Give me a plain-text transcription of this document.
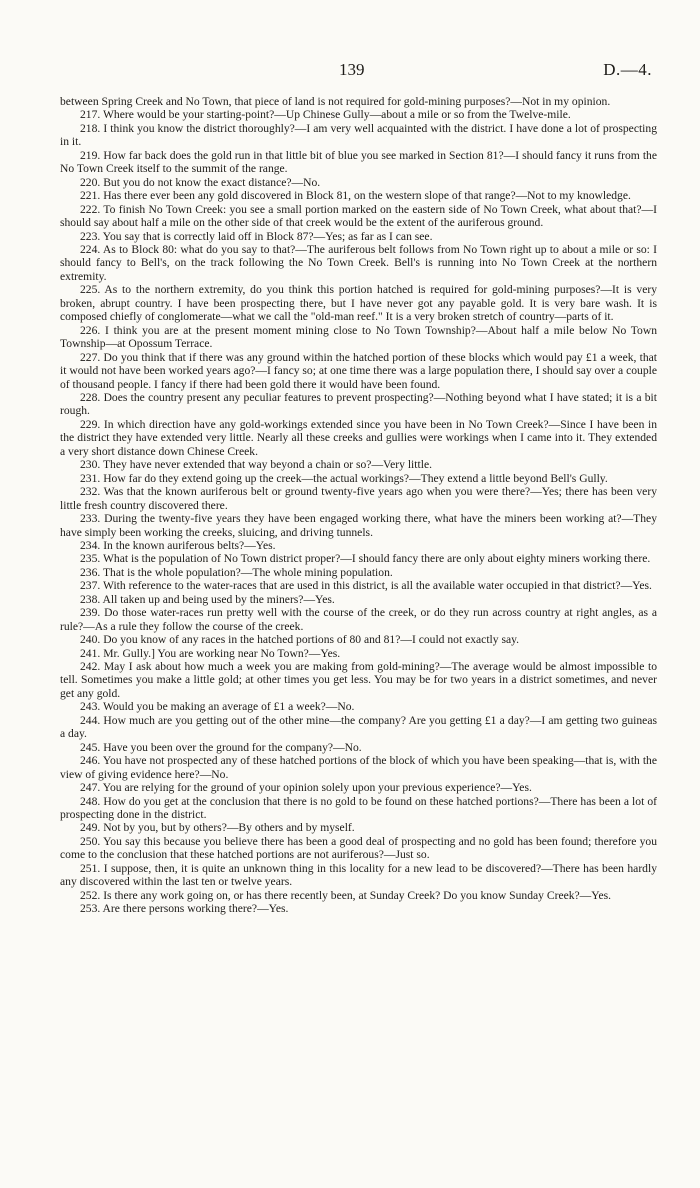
139	D.—4.

between Spring Creek and No Town, that piece of land is not required for gold-mining purposes?—Not in my opinion.

217. Where would be your starting-point?—Up Chinese Gully—about a mile or so from the Twelve-mile.

218. I think you know the district thoroughly?—I am very well acquainted with the district. I have done a lot of prospecting in it.

219. How far back does the gold run in that little bit of blue you see marked in Section 81?—I should fancy it runs from the No Town Creek itself to the summit of the range.

220. But you do not know the exact distance?—No.

221. Has there ever been any gold discovered in Block 81, on the western slope of that range?—Not to my knowledge.

222. To finish No Town Creek: you see a small portion marked on the eastern side of No Town Creek, what about that?—I should say about half a mile on the other side of that creek would be the extent of the auriferous ground.

223. You say that is correctly laid off in Block 87?—Yes; as far as I can see.

224. As to Block 80: what do you say to that?—The auriferous belt follows from No Town right up to about a mile or so: I should fancy to Bell's, on the track following the No Town Creek. Bell's is running into No Town Creek at the northern extremity.

225. As to the northern extremity, do you think this portion hatched is required for gold-mining purposes?—It is very broken, abrupt country. I have been prospecting there, but I have never got any payable gold. It is very bare wash. It is composed chiefly of conglomerate—what we call the "old-man reef." It is a very broken stretch of country—parts of it.

226. I think you are at the present moment mining close to No Town Township?—About half a mile below No Town Township—at Opossum Terrace.

227. Do you think that if there was any ground within the hatched portion of these blocks which would pay £1 a week, that it would not have been worked years ago?—I fancy so; at one time there was a large population there, I should say over a couple of thousand people. I fancy if there had been gold there it would have been found.

228. Does the country present any peculiar features to prevent prospecting?—Nothing beyond what I have stated; it is a bit rough.

229. In which direction have any gold-workings extended since you have been in No Town Creek?—Since I have been in the district they have extended very little. Nearly all these creeks and gullies were workings when I came into it. They extended a very short distance down Chinese Creek.

230. They have never extended that way beyond a chain or so?—Very little.

231. How far do they extend going up the creek—the actual workings?—They extend a little beyond Bell's Gully.

232. Was that the known auriferous belt or ground twenty-five years ago when you were there?—Yes; there has been very little fresh country discovered there.

233. During the twenty-five years they have been engaged working there, what have the miners been working at?—They have simply been working the creeks, sluicing, and driving tunnels.

234. In the known auriferous belts?—Yes.

235. What is the population of No Town district proper?—I should fancy there are only about eighty miners working there.

236. That is the whole population?—The whole mining population.

237. With reference to the water-races that are used in this district, is all the available water occupied in that district?—Yes.

238. All taken up and being used by the miners?—Yes.

239. Do those water-races run pretty well with the course of the creek, or do they run across country at right angles, as a rule?—As a rule they follow the course of the creek.

240. Do you know of any races in the hatched portions of 80 and 81?—I could not exactly say.

241. Mr. Gully.] You are working near No Town?—Yes.

242. May I ask about how much a week you are making from gold-mining?—The average would be almost impossible to tell. Sometimes you make a little gold; at other times you get less. You may be for two years in a district sometimes, and never get any gold.

243. Would you be making an average of £1 a week?—No.

244. How much are you getting out of the other mine—the company? Are you getting £1 a day?—I am getting two guineas a day.

245. Have you been over the ground for the company?—No.

246. You have not prospected any of these hatched portions of the block of which you have been speaking—that is, with the view of giving evidence here?—No.

247. You are relying for the ground of your opinion solely upon your previous experience?—Yes.

248. How do you get at the conclusion that there is no gold to be found on these hatched portions?—There has been a lot of prospecting done in the district.

249. Not by you, but by others?—By others and by myself.

250. You say this because you believe there has been a good deal of prospecting and no gold has been found; therefore you come to the conclusion that these hatched portions are not auriferous?—Just so.

251. I suppose, then, it is quite an unknown thing in this locality for a new lead to be discovered?—There has been hardly any discovered within the last ten or twelve years.

252. Is there any work going on, or has there recently been, at Sunday Creek? Do you know Sunday Creek?—Yes.

253. Are there persons working there?—Yes.
